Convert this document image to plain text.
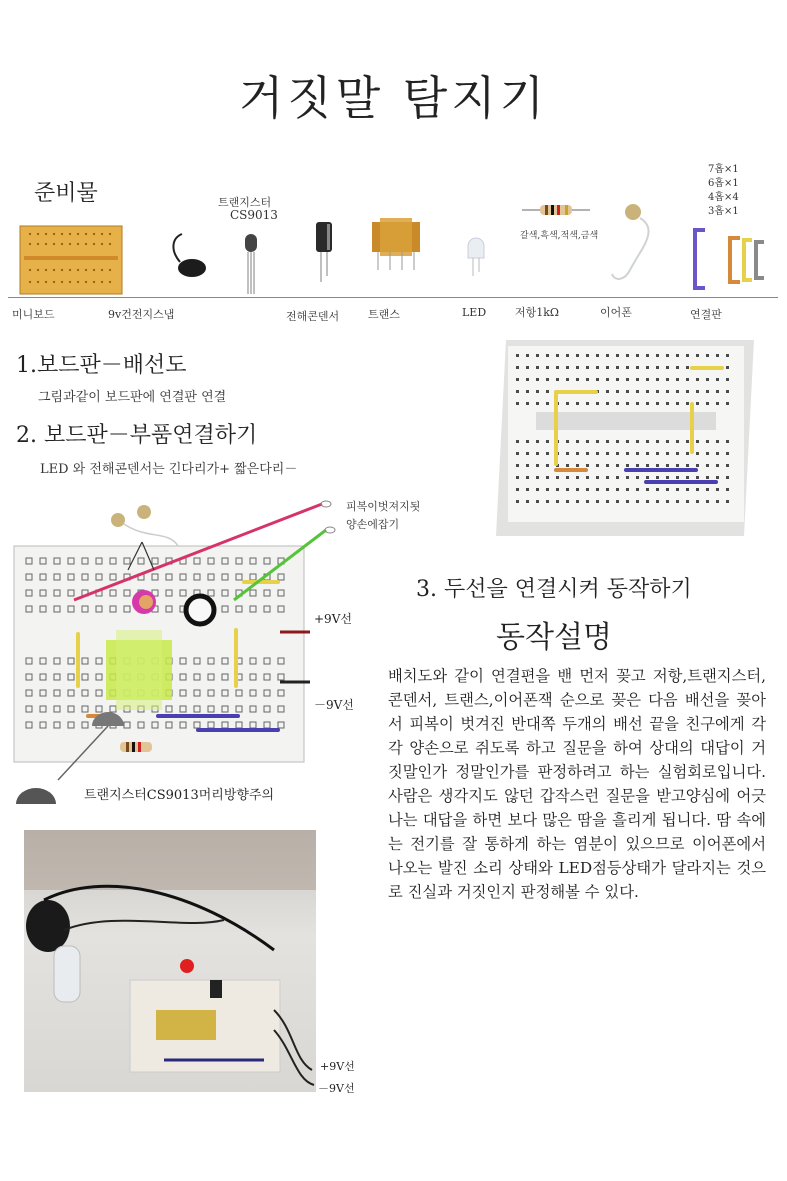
거짓말 탐지기
준비물	트랜지스터
CS9013
갈색,흑색,적색,금색
7홉×1
6홉×1
4홉×4
3홉×1
미니보드	9v건전지스냅	전해콘덴서	트랜스	LED	저항1kΩ	이어폰	연결판
1.보드판－배선도
그림과같이 보드판에 연결판 연결
2. 보드판－부품연결하기
LED 와 전해콘덴서는 긴다리가+ 짧은다리－
피복이벗져지됫
양손에잡기
+9V선
－9V선
트랜지스터CS9013머리방향주의
3. 두선을 연결시켜 동작하기
동작설명
배치도와 같이 연결편을 밴 먼저 꽂고 저항,트랜지스터,콘덴서, 트랜스,이어폰잭 순으로 꽂은 다음 배선을 꽂아서 피복이 벗겨진 반대쪽 두개의 배선 끝을 친구에게 각각 양손으로 쥐도록 하고 질문을 하여 상대의 대답이 거짓말인가 정말인가를 판정하려고 하는 실험회로입니다. 사람은 생각지도 않던 갑작스런 질문을 받고양심에 어긋나는 대답을 하면 보다 많은 땀을 흘리게 됩니다. 땀 속에는 전기를 잘 통하게 하는 염분이 있으므로 이어폰에서 나오는 발진 소리 상태와 LED점등상태가 달라지는 것으로 진실과 거짓인지 판정해볼 수 있다.
+9V선
－9V선
